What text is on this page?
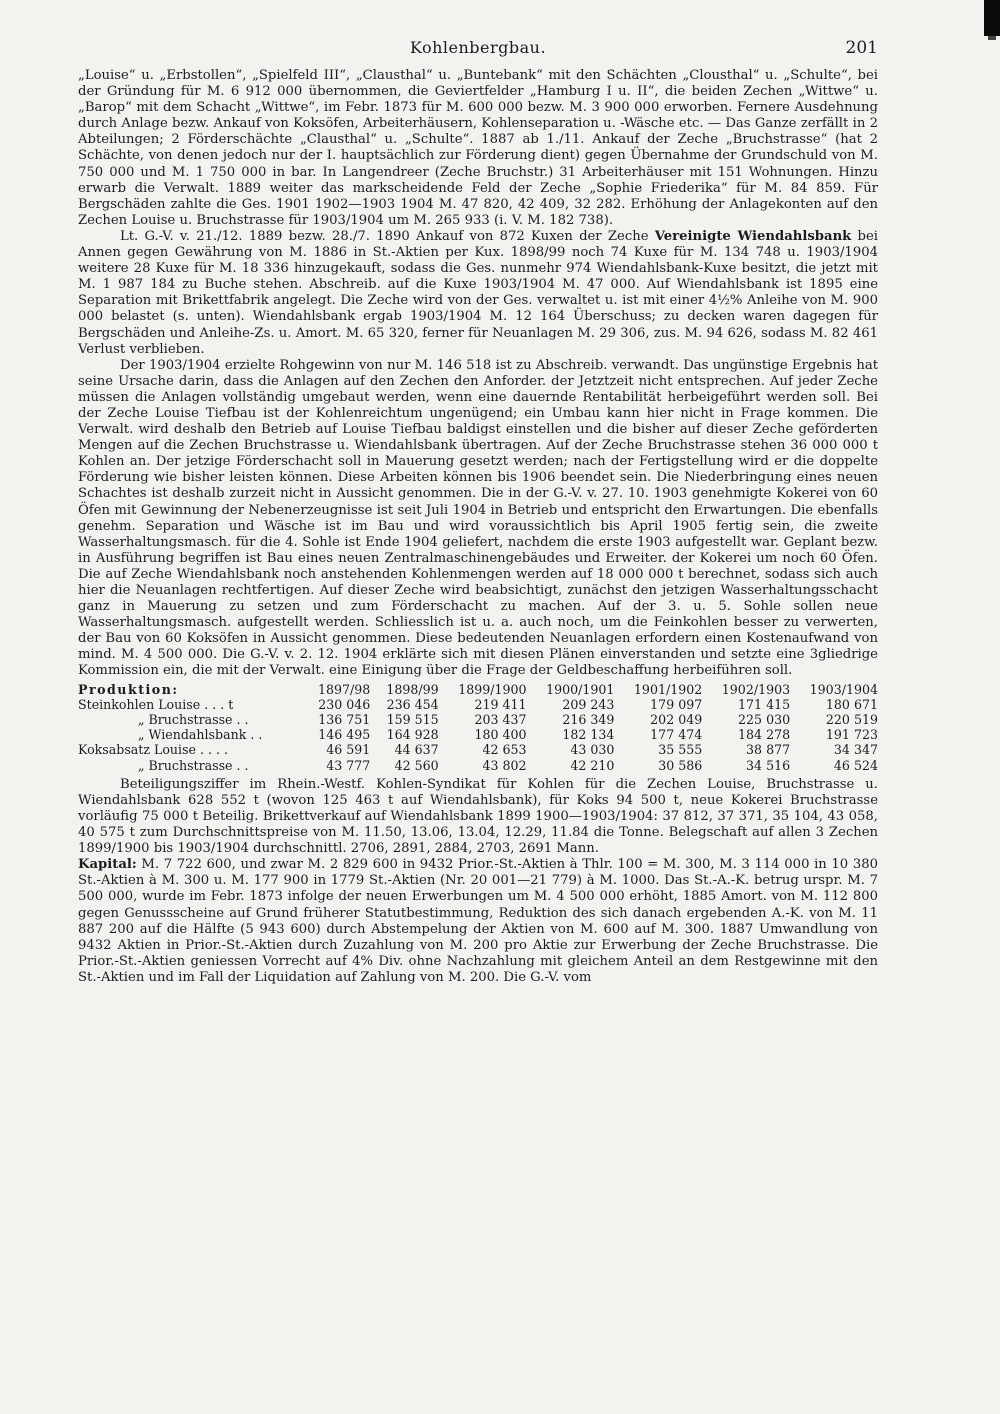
Kohlenbergbau.	201

„Louise“ u. „Erbstollen“, „Spielfeld III“, „Clausthal“ u. „Buntebank“ mit den Schächten „Clousthal“ u. „Schulte“, bei der Gründung für M. 6 912 000 übernommen, die Geviertfelder „Hamburg I u. II“, die beiden Zechen „Wittwe“ u. „Barop“ mit dem Schacht „Wittwe“, im Febr. 1873 für M. 600 000 bezw. M. 3 900 000 erworben. Fernere Ausdehnung durch Anlage bezw. Ankauf von Koksöfen, Arbeiterhäusern, Kohlenseparation u. -Wäsche etc. — Das Ganze zerfällt in 2 Abteilungen; 2 Förderschächte „Clausthal“ u. „Schulte“. 1887 ab 1./11. Ankauf der Zeche „Bruchstrasse“ (hat 2 Schächte, von denen jedoch nur der I. hauptsächlich zur Förderung dient) gegen Übernahme der Grundschuld von M. 750 000 und M. 1 750 000 in bar. In Langendreer (Zeche Bruchstr.) 31 Arbeiterhäuser mit 151 Wohnungen. Hinzu erwarb die Verwalt. 1889 weiter das markscheidende Feld der Zeche „Sophie Friederika“ für M. 84 859. Für Bergschäden zahlte die Ges. 1901 1902—1903 1904 M. 47 820, 42 409, 32 282. Erhöhung der Anlagekonten auf den Zechen Louise u. Bruchstrasse für 1903/1904 um M. 265 933 (i. V. M. 182 738).

Lt. G.-V. v. 21./12. 1889 bezw. 28./7. 1890 Ankauf von 872 Kuxen der Zeche Vereinigte Wiendahlsbank bei Annen gegen Gewährung von M. 1886 in St.-Aktien per Kux. 1898/99 noch 74 Kuxe für M. 134 748 u. 1903/1904 weitere 28 Kuxe für M. 18 336 hinzugekauft, sodass die Ges. nunmehr 974 Wiendahlsbank-Kuxe besitzt, die jetzt mit M. 1 987 184 zu Buche stehen. Abschreib. auf die Kuxe 1903/1904 M. 47 000. Auf Wiendahlsbank ist 1895 eine Separation mit Brikettfabrik angelegt. Die Zeche wird von der Ges. verwaltet u. ist mit einer 4½% Anleihe von M. 900 000 belastet (s. unten). Wiendahlsbank ergab 1903/1904 M. 12 164 Überschuss; zu decken waren dagegen für Bergschäden und Anleihe-Zs. u. Amort. M. 65 320, ferner für Neuanlagen M. 29 306, zus. M. 94 626, sodass M. 82 461 Verlust verblieben.

Der 1903/1904 erzielte Rohgewinn von nur M. 146 518 ist zu Abschreib. verwandt. Das ungünstige Ergebnis hat seine Ursache darin, dass die Anlagen auf den Zechen den Anforder. der Jetztzeit nicht entsprechen. Auf jeder Zeche müssen die Anlagen vollständig umgebaut werden, wenn eine dauernde Rentabilität herbeigeführt werden soll. Bei der Zeche Louise Tiefbau ist der Kohlenreichtum ungenügend; ein Umbau kann hier nicht in Frage kommen. Die Verwalt. wird deshalb den Betrieb auf Louise Tiefbau baldigst einstellen und die bisher auf dieser Zeche geförderten Mengen auf die Zechen Bruchstrasse u. Wiendahlsbank übertragen. Auf der Zeche Bruchstrasse stehen 36 000 000 t Kohlen an. Der jetzige Förderschacht soll in Mauerung gesetzt werden; nach der Fertigstellung wird er die doppelte Förderung wie bisher leisten können. Diese Arbeiten können bis 1906 beendet sein. Die Niederbringung eines neuen Schachtes ist deshalb zurzeit nicht in Aussicht genommen. Die in der G.-V. v. 27. 10. 1903 genehmigte Kokerei von 60 Öfen mit Gewinnung der Nebenerzeugnisse ist seit Juli 1904 in Betrieb und entspricht den Erwartungen. Die ebenfalls genehm. Separation und Wäsche ist im Bau und wird voraussichtlich bis April 1905 fertig sein, die zweite Wasserhaltungsmasch. für die 4. Sohle ist Ende 1904 geliefert, nachdem die erste 1903 aufgestellt war. Geplant bezw. in Ausführung begriffen ist Bau eines neuen Zentralmaschinengebäudes und Erweiter. der Kokerei um noch 60 Öfen. Die auf Zeche Wiendahlsbank noch anstehenden Kohlenmengen werden auf 18 000 000 t berechnet, sodass sich auch hier die Neuanlagen rechtfertigen. Auf dieser Zeche wird beabsichtigt, zunächst den jetzigen Wasserhaltungsschacht ganz in Mauerung zu setzen und zum Förderschacht zu machen. Auf der 3. u. 5. Sohle sollen neue Wasserhaltungsmasch. aufgestellt werden. Schliesslich ist u. a. auch noch, um die Feinkohlen besser zu verwerten, der Bau von 60 Koksöfen in Aussicht genommen. Diese bedeutenden Neuanlagen erfordern einen Kostenaufwand von mind. M. 4 500 000. Die G.-V. v. 2. 12. 1904 erklärte sich mit diesen Plänen einverstanden und setzte eine 3gliedrige Kommission ein, die mit der Verwalt. eine Einigung über die Frage der Geldbeschaffung herbeiführen soll.

Produktion:	1897/98	1898/99	1899/1900	1900/1901	1901/1902	1902/1903	1903/1904
Steinkohlen Louise . . . t	230 046	236 454	219 411	209 243	179 097	171 415	180 671
„ Bruchstrasse . .	136 751	159 515	203 437	216 349	202 049	225 030	220 519
„ Wiendahlsbank . .	146 495	164 928	180 400	182 134	177 474	184 278	191 723
Koksabsatz Louise . . . .	46 591	44 637	42 653	43 030	35 555	38 877	34 347
„ Bruchstrasse . .	43 777	42 560	43 802	42 210	30 586	34 516	46 524

Beteiligungsziffer im Rhein.-Westf. Kohlen-Syndikat für Kohlen für die Zechen Louise, Bruchstrasse u. Wiendahlsbank 628 552 t (wovon 125 463 t auf Wiendahlsbank), für Koks 94 500 t, neue Kokerei Bruchstrasse vorläufig 75 000 t Beteilig. Brikettverkauf auf Wiendahlsbank 1899 1900—1903/1904: 37 812, 37 371, 35 104, 43 058, 40 575 t zum Durchschnittspreise von M. 11.50, 13.06, 13.04, 12.29, 11.84 die Tonne. Belegschaft auf allen 3 Zechen 1899/1900 bis 1903/1904 durchschnittl. 2706, 2891, 2884, 2703, 2691 Mann.

Kapital: M. 7 722 600, und zwar M. 2 829 600 in 9432 Prior.-St.-Aktien à Thlr. 100 = M. 300, M. 3 114 000 in 10 380 St.-Aktien à M. 300 u. M. 177 900 in 1779 St.-Aktien (Nr. 20 001—21 779) à M. 1000. Das St.-A.-K. betrug urspr. M. 7 500 000, wurde im Febr. 1873 infolge der neuen Erwerbungen um M. 4 500 000 erhöht, 1885 Amort. von M. 112 800 gegen Genussscheine auf Grund früherer Statutbestimmung, Reduktion des sich danach ergebenden A.-K. von M. 11 887 200 auf die Hälfte (5 943 600) durch Abstempelung der Aktien von M. 600 auf M. 300. 1887 Umwandlung von 9432 Aktien in Prior.-St.-Aktien durch Zuzahlung von M. 200 pro Aktie zur Erwerbung der Zeche Bruchstrasse. Die Prior.-St.-Aktien geniessen Vorrecht auf 4% Div. ohne Nachzahlung mit gleichem Anteil an dem Restgewinne mit den St.-Aktien und im Fall der Liquidation auf Zahlung von M. 200. Die G.-V. vom
